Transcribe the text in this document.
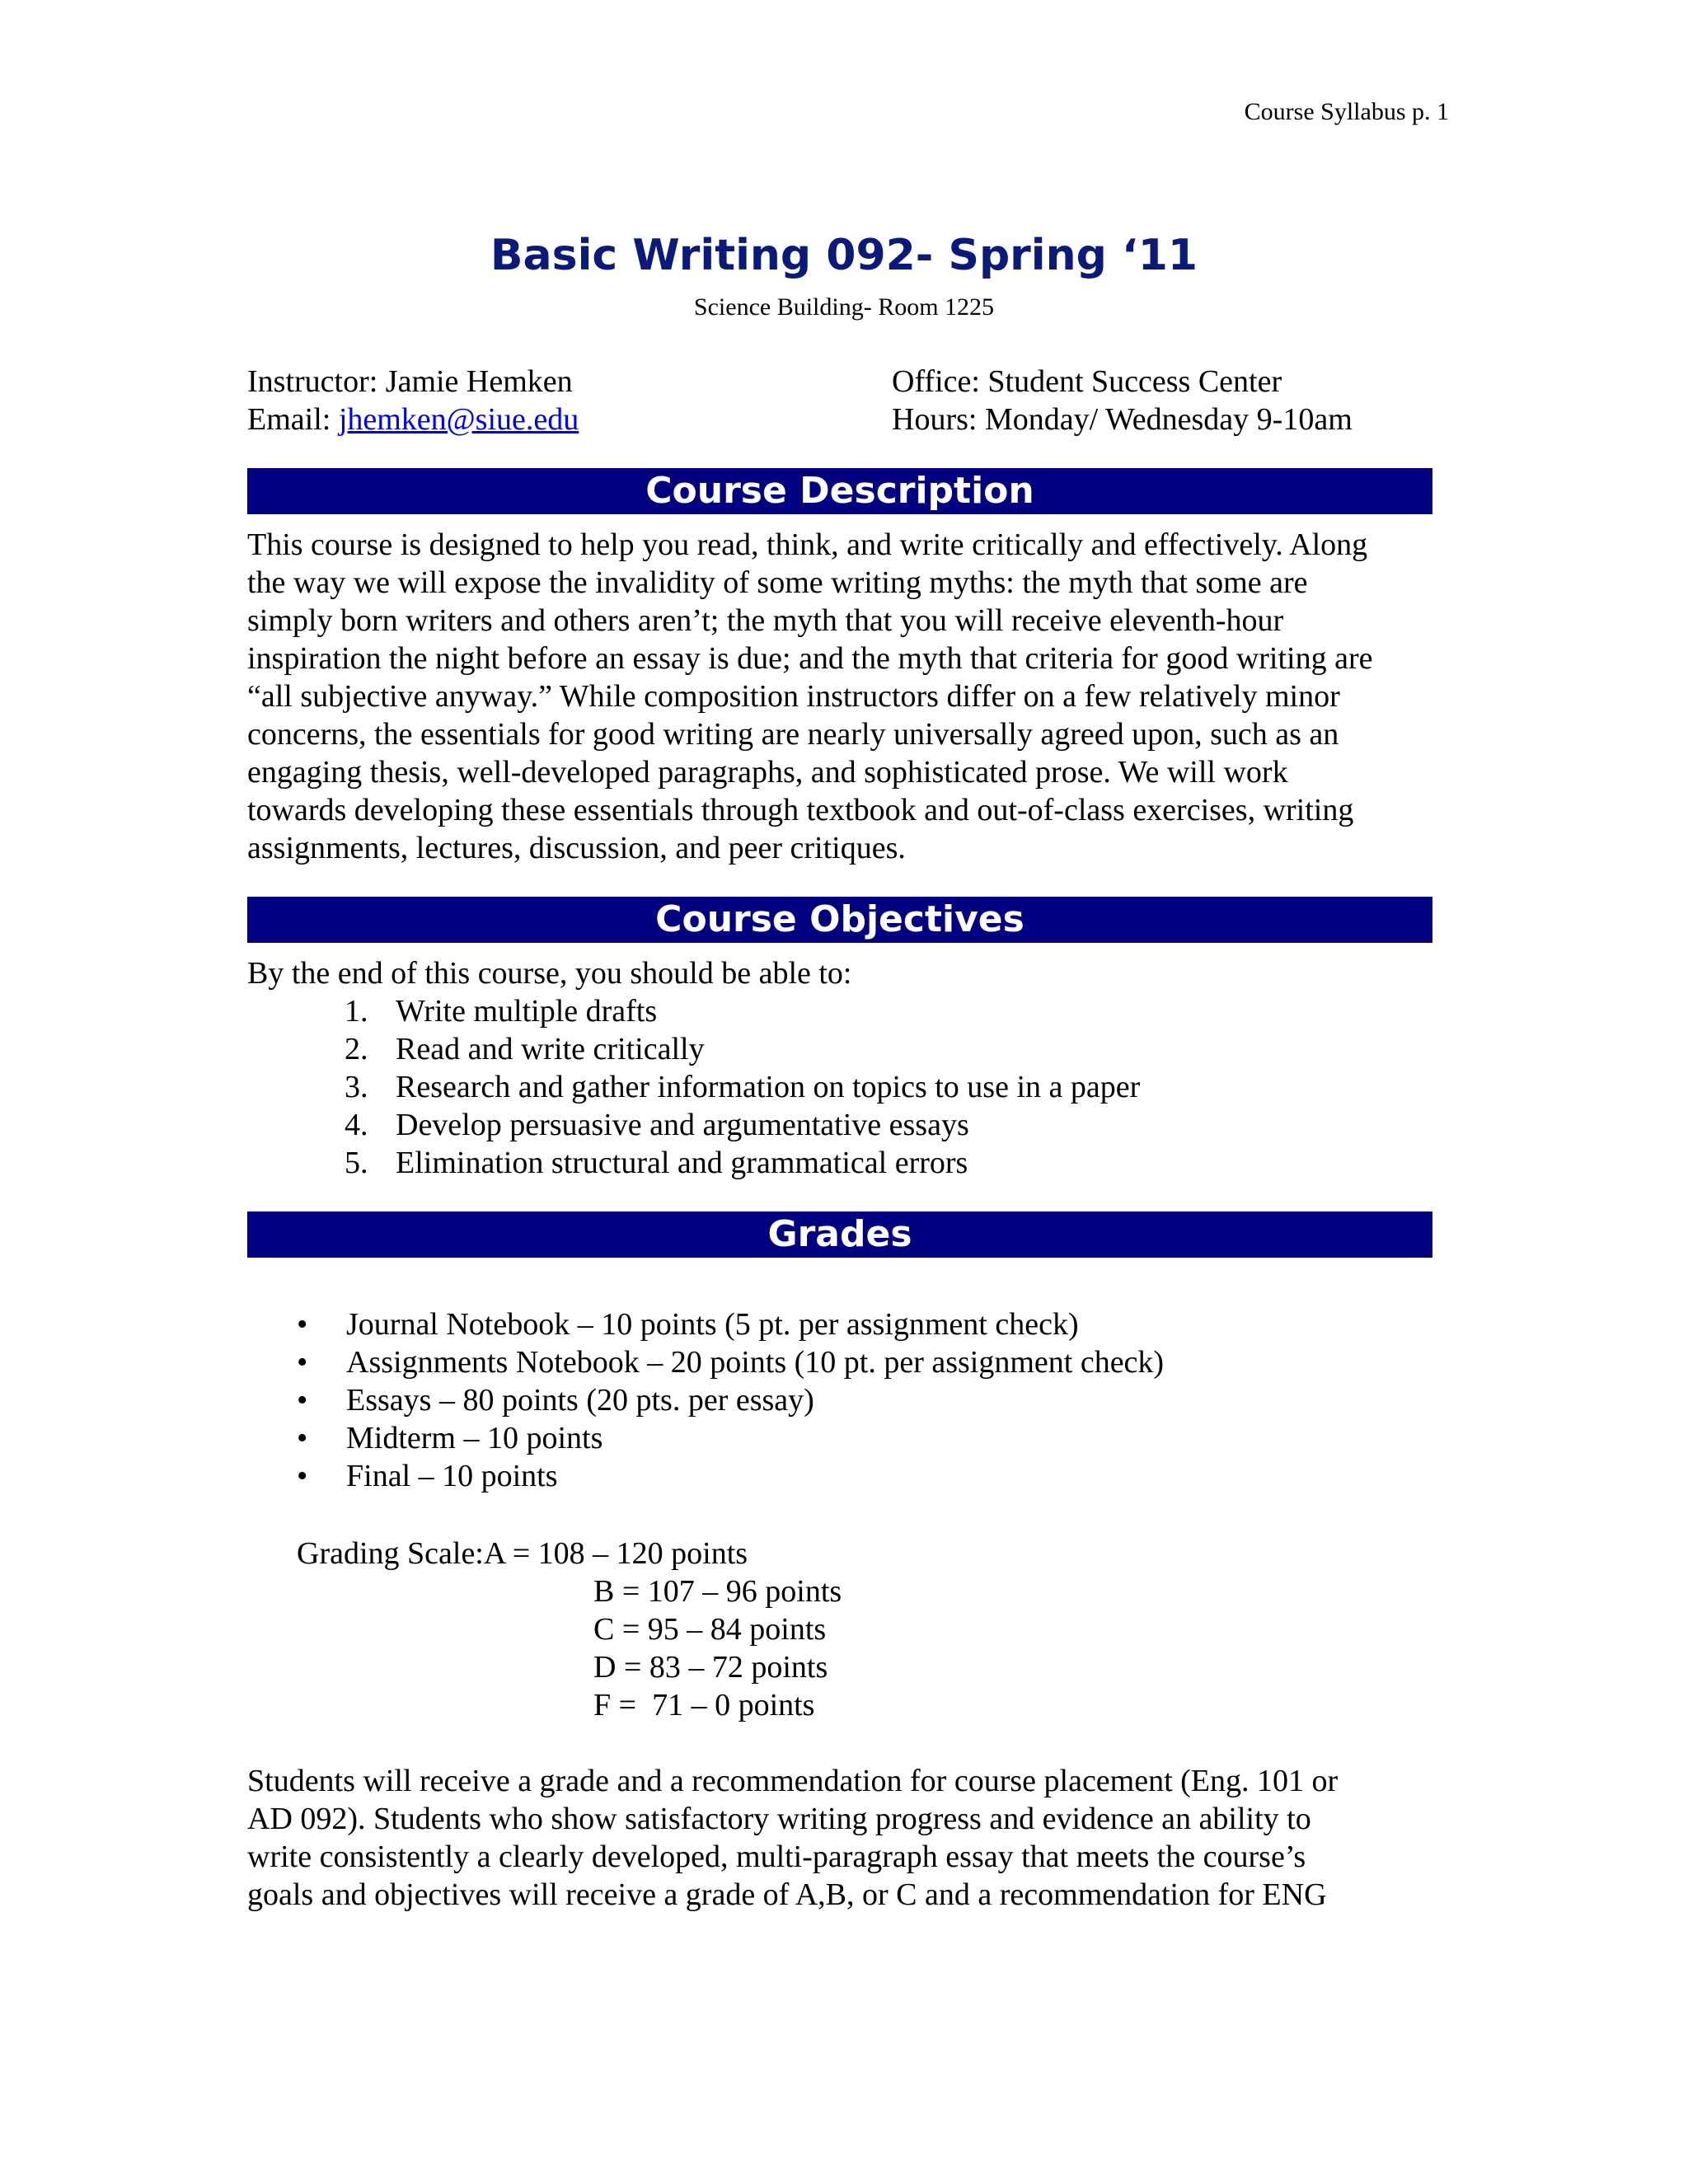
Course Syllabus p. 1
Basic Writing 092- Spring ‘11
Science Building- Room 1225
Instructor: Jamie Hemken
Email: jhemken@siue.edu
Office: Student Success Center
Hours: Monday/ Wednesday 9-10am
Course Description
This course is designed to help you read, think, and write critically and effectively. Along
the way we will expose the invalidity of some writing myths: the myth that some are
simply born writers and others aren’t; the myth that you will receive eleventh-hour
inspiration the night before an essay is due; and the myth that criteria for good writing are
“all subjective anyway.” While composition instructors differ on a few relatively minor
concerns, the essentials for good writing are nearly universally agreed upon, such as an
engaging thesis, well-developed paragraphs, and sophisticated prose. We will work
towards developing these essentials through textbook and out-of-class exercises, writing
assignments, lectures, discussion, and peer critiques.
Course Objectives
By the end of this course, you should be able to:
1. Write multiple drafts
2. Read and write critically
3. Research and gather information on topics to use in a paper
4. Develop persuasive and argumentative essays
5. Elimination structural and grammatical errors
Grades
• Journal Notebook – 10 points (5 pt. per assignment check)
• Assignments Notebook – 20 points (10 pt. per assignment check)
• Essays – 80 points (20 pts. per essay)
• Midterm – 10 points
• Final – 10 points
Grading Scale:A = 108 – 120 points
B = 107 – 96 points
C = 95 – 84 points
D = 83 – 72 points
F =  71 – 0 points
Students will receive a grade and a recommendation for course placement (Eng. 101 or
AD 092). Students who show satisfactory writing progress and evidence an ability to
write consistently a clearly developed, multi-paragraph essay that meets the course’s
goals and objectives will receive a grade of A,B, or C and a recommendation for ENG
